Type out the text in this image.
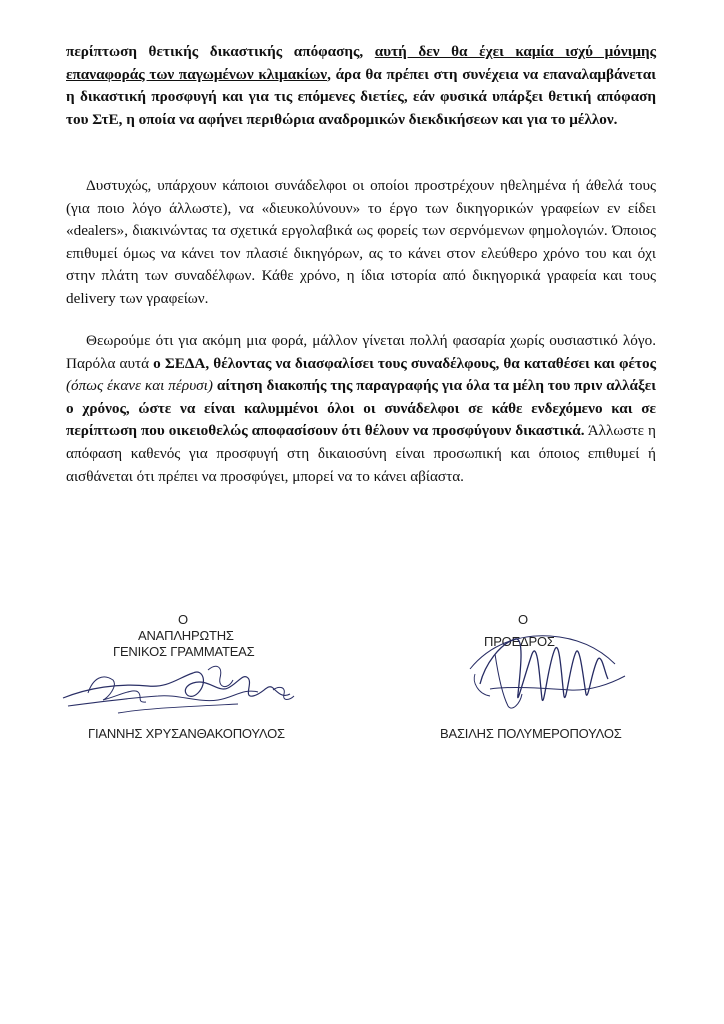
περίπτωση θετικής δικαστικής απόφασης, αυτή δεν θα έχει καμία ισχύ μόνιμης επαναφοράς των παγωμένων κλιμακίων, άρα θα πρέπει στη συνέχεια να επαναλαμβάνεται η δικαστική προσφυγή και για τις επόμενες διετίες, εάν φυσικά υπάρξει θετική απόφαση του ΣτΕ, η οποία να αφήνει περιθώρια αναδρομικών διεκδικήσεων και για το μέλλον.

Δυστυχώς, υπάρχουν κάποιοι συνάδελφοι οι οποίοι προστρέχουν ηθελημένα ή άθελά τους (για ποιο λόγο άλλωστε), να «διευκολύνουν» το έργο των δικηγορικών γραφείων εν είδει «dealers», διακινώντας τα σχετικά εργολαβικά ως φορείς των σερνόμενων φημολογιών. Όποιος επιθυμεί όμως να κάνει τον πλασιέ δικηγόρων, ας το κάνει στον ελεύθερο χρόνο του και όχι στην πλάτη των συναδέλφων. Κάθε χρόνο, η ίδια ιστορία από δικηγορικά γραφεία και τους delivery των γραφείων.

Θεωρούμε ότι για ακόμη μια φορά, μάλλον γίνεται πολλή φασαρία χωρίς ουσιαστικό λόγο. Παρόλα αυτά ο ΣΕΔΑ, θέλοντας να διασφαλίσει τους συναδέλφους, θα καταθέσει και φέτος (όπως έκανε και πέρυσι) αίτηση διακοπής της παραγραφής για όλα τα μέλη του πριν αλλάξει ο χρόνος, ώστε να είναι καλυμμένοι όλοι οι συνάδελφοι σε κάθε ενδεχόμενο και σε περίπτωση που οικειοθελώς αποφασίσουν ότι θέλουν να προσφύγουν δικαστικά. Άλλωστε η απόφαση καθενός για προσφυγή στη δικαιοσύνη είναι προσωπική και όποιος επιθυμεί ή αισθάνεται ότι πρέπει να προσφύγει, μπορεί να το κάνει αβίαστα.

Ο
ΑΝΑΠΛΗΡΩΤΗΣ
ΓΕΝΙΚΟΣ ΓΡΑΜΜΑΤΕΑΣ
ΓΙΑΝΝΗΣ ΧΡΥΣΑΝΘΑΚΟΠΟΥΛΟΣ
Ο
ΠΡΟΕΔΡΟΣ
ΒΑΣΙΛΗΣ ΠΟΛΥΜΕΡΟΠΟΥΛΟΣ
